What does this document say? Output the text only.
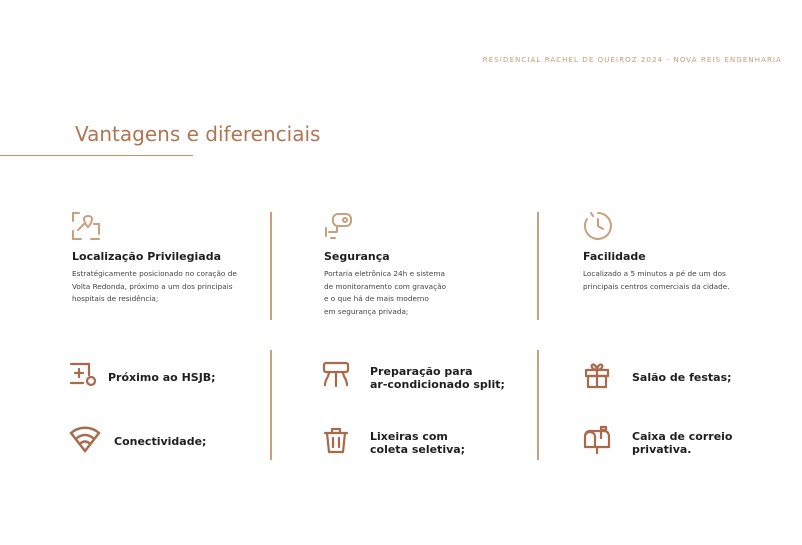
RESIDENCIAL RACHEL DE QUEIROZ 2024 - NOVA REIS ENGENHARIA
Vantagens e diferenciais
Localização Privilegiada
Estratégicamente posicionado no coração de
Volta Redonda, próximo a um dos principais
hospitais de residência;
Segurança
Portaria eletrônica 24h e sistema
de monitoramento com gravação
e o que há de mais moderno
em segurança privada;
Facilidade
Localizado a 5 minutos a pé de um dos
principais centros comerciais da cidade.
Próximo ao HSJB;	Preparação para
ar-condicionado split;
Salão de festas;
Conectividade;	Lixeiras com
coleta seletiva;
Caixa de correio
privativa.
